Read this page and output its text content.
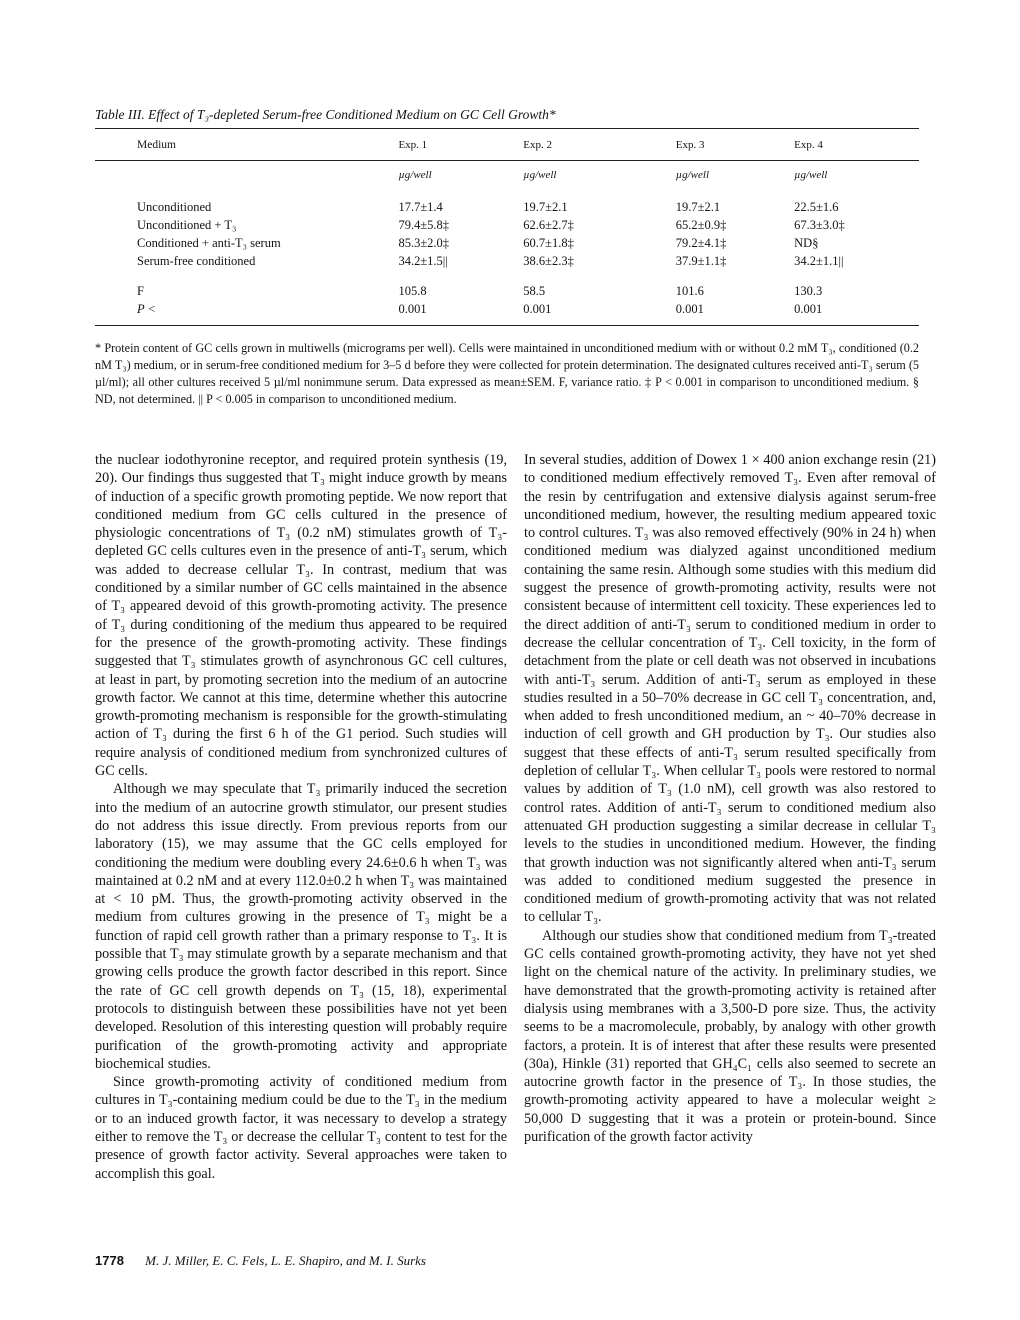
Table III. Effect of T₃-depleted Serum-free Conditioned Medium on GC Cell Growth*
Medium	Exp. 1	Exp. 2	Exp. 3	Exp. 4

	µg/well	µg/well	µg/well	µg/well

Unconditioned	17.7±1.4	19.7±2.1	19.7±2.1	22.5±1.6
Unconditioned + T₃	79.4±5.8‡	62.6±2.7‡	65.2±0.9‡	67.3±3.0‡
Conditioned + anti-T₃ serum	85.3±2.0‡	60.7±1.8‡	79.2±4.1‡	ND§
Serum-free conditioned	34.2±1.5||	38.6±2.3‡	37.9±1.1‡	34.2±1.1||

F	105.8	58.5	101.6	130.3
P <	0.001	0.001	0.001	0.001
* Protein content of GC cells grown in multiwells (micrograms per well). Cells were maintained in unconditioned medium with or without 0.2 mM T₃, conditioned (0.2 nM T₃) medium, or in serum-free conditioned medium for 3–5 d before they were collected for protein determination. The designated cultures received anti-T₃ serum (5 µl/ml); all other cultures received 5 µl/ml nonimmune serum. Data expressed as mean±SEM. F, variance ratio. ‡ P < 0.001 in comparison to unconditioned medium. § ND, not determined. || P < 0.005 in comparison to unconditioned medium.

the nuclear iodothyronine receptor, and required protein synthesis (19, 20). Our findings thus suggested that T₃ might induce growth by means of induction of a specific growth promoting peptide. We now report that conditioned medium from GC cells cultured in the presence of physiologic concentrations of T₃ (0.2 nM) stimulates growth of T₃-depleted GC cells cultures even in the presence of anti-T₃ serum, which was added to decrease cellular T₃. In contrast, medium that was conditioned by a similar number of GC cells maintained in the absence of T₃ appeared devoid of this growth-promoting activity. The presence of T₃ during conditioning of the medium thus appeared to be required for the presence of the growth-promoting activity. These findings suggested that T₃ stimulates growth of asynchronous GC cell cultures, at least in part, by promoting secretion into the medium of an autocrine growth factor. We cannot at this time, determine whether this autocrine growth-promoting mechanism is responsible for the growth-stimulating action of T₃ during the first 6 h of the G1 period. Such studies will require analysis of conditioned medium from synchronized cultures of GC cells.

Although we may speculate that T₃ primarily induced the secretion into the medium of an autocrine growth stimulator, our present studies do not address this issue directly. From previous reports from our laboratory (15), we may assume that the GC cells employed for conditioning the medium were doubling every 24.6±0.6 h when T₃ was maintained at 0.2 nM and at every 112.0±0.2 h when T₃ was maintained at < 10 pM. Thus, the growth-promoting activity observed in the medium from cultures growing in the presence of T₃ might be a function of rapid cell growth rather than a primary response to T₃. It is possible that T₃ may stimulate growth by a separate mechanism and that growing cells produce the growth factor described in this report. Since the rate of GC cell growth depends on T₃ (15, 18), experimental protocols to distinguish between these possibilities have not yet been developed. Resolution of this interesting question will probably require purification of the growth-promoting activity and appropriate biochemical studies.

Since growth-promoting activity of conditioned medium from cultures in T₃-containing medium could be due to the T₃ in the medium or to an induced growth factor, it was necessary to develop a strategy either to remove the T₃ or decrease the cellular T₃ content to test for the presence of growth factor activity. Several approaches were taken to accomplish this goal.

In several studies, addition of Dowex 1 × 400 anion exchange resin (21) to conditioned medium effectively removed T₃. Even after removal of the resin by centrifugation and extensive dialysis against serum-free unconditioned medium, however, the resulting medium appeared toxic to control cultures. T₃ was also removed effectively (90% in 24 h) when conditioned medium was dialyzed against unconditioned medium containing the same resin. Although some studies with this medium did suggest the presence of growth-promoting activity, results were not consistent because of intermittent cell toxicity. These experiences led to the direct addition of anti-T₃ serum to conditioned medium in order to decrease the cellular concentration of T₃. Cell toxicity, in the form of detachment from the plate or cell death was not observed in incubations with anti-T₃ serum. Addition of anti-T₃ serum as employed in these studies resulted in a 50–70% decrease in GC cell T₃ concentration, and, when added to fresh unconditioned medium, an ~ 40–70% decrease in induction of cell growth and GH production by T₃. Our studies also suggest that these effects of anti-T₃ serum resulted specifically from depletion of cellular T₃. When cellular T₃ pools were restored to normal values by addition of T₃ (1.0 nM), cell growth was also restored to control rates. Addition of anti-T₃ serum to conditioned medium also attenuated GH production suggesting a similar decrease in cellular T₃ levels to the studies in unconditioned medium. However, the finding that growth induction was not significantly altered when anti-T₃ serum was added to conditioned medium suggested the presence in conditioned medium of growth-promoting activity that was not related to cellular T₃.

Although our studies show that conditioned medium from T₃-treated GC cells contained growth-promoting activity, they have not yet shed light on the chemical nature of the activity. In preliminary studies, we have demonstrated that the growth-promoting activity is retained after dialysis using membranes with a 3,500-D pore size. Thus, the activity seems to be a macromolecule, probably, by analogy with other growth factors, a protein. It is of interest that after these results were presented (30a), Hinkle (31) reported that GH₄C₁ cells also seemed to secrete an autocrine growth factor in the presence of T₃. In those studies, the growth-promoting activity appeared to have a molecular weight ≥ 50,000 D suggesting that it was a protein or protein-bound. Since purification of the growth factor activity

1778 M. J. Miller, E. C. Fels, L. E. Shapiro, and M. I. Surks
